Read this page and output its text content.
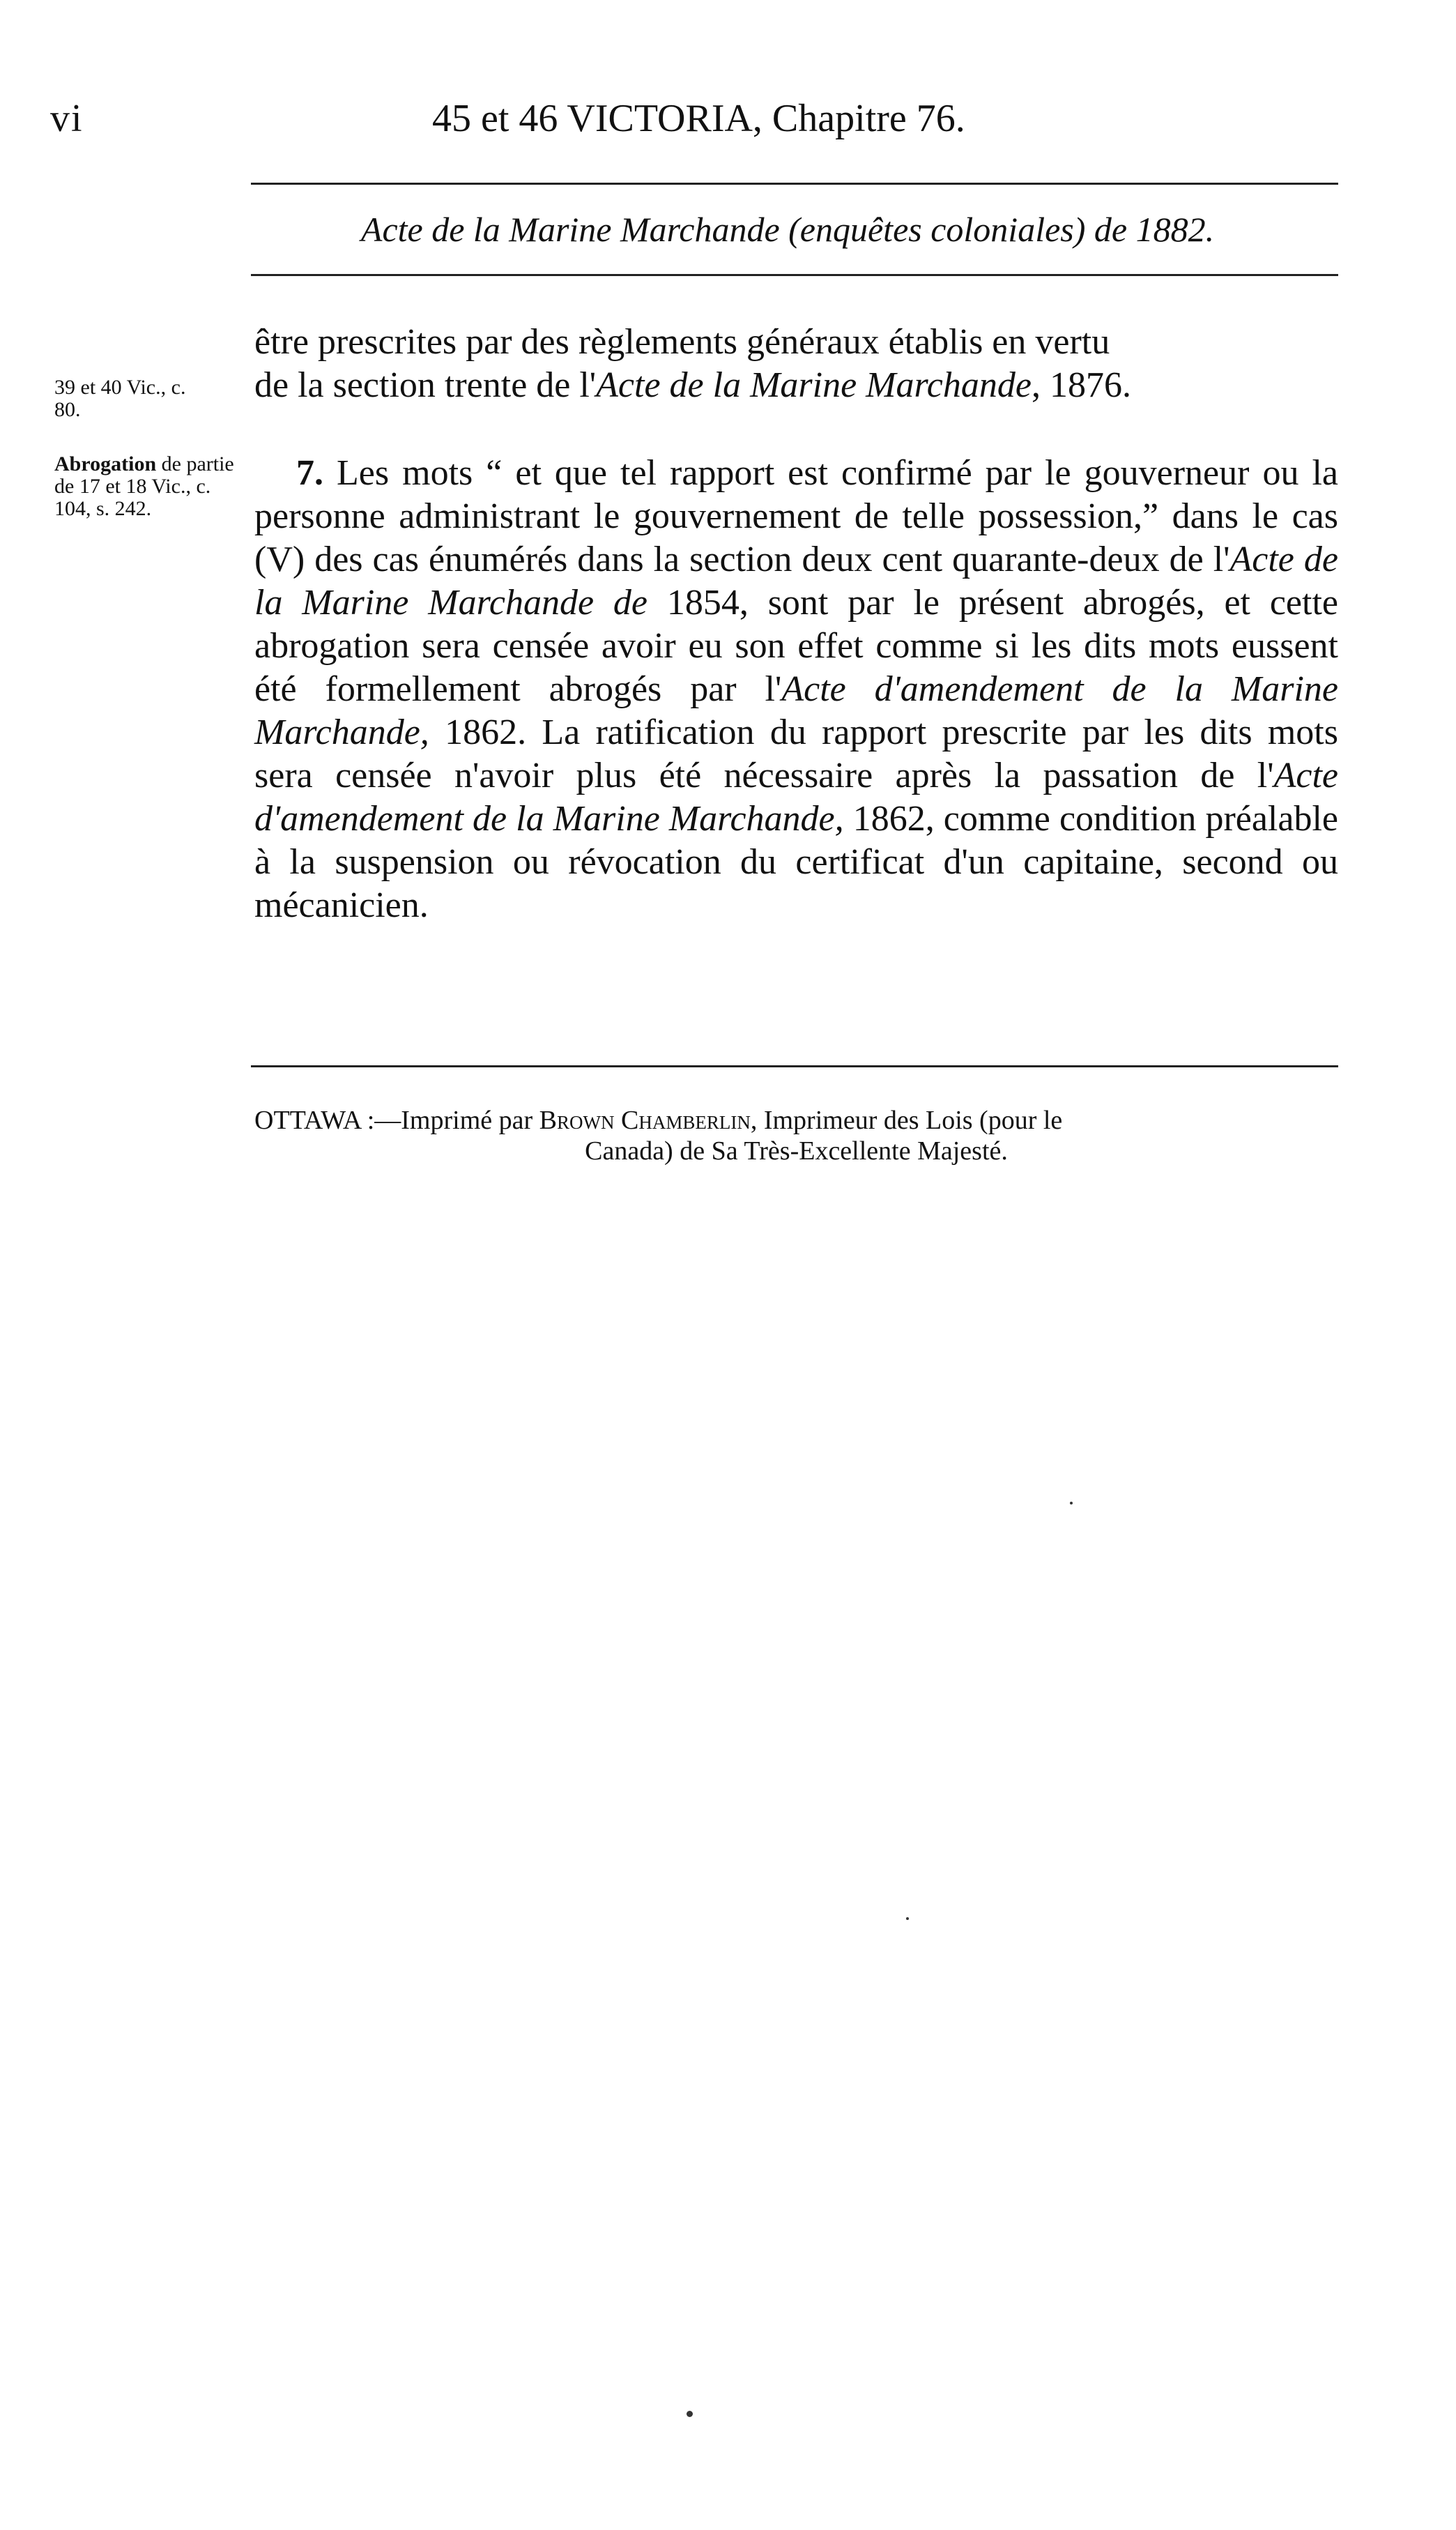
vi	45 et 46 VICTORIA, Chapitre 76.
Acte de la Marine Marchande (enquêtes coloniales) de 1882.

être prescrites par des règlements généraux établis en vertu
de la section trente de l'Acte de la Marine Marchande, 1876.

39 et 40 Vic., c. 80.
Abrogation de partie de 17 et 18 Vic., c. 104, s. 242.

7. Les mots “ et que tel rapport est confirmé par le gouverneur ou la personne administrant le gouvernement de telle possession,” dans le cas (V) des cas énumérés dans la section deux cent quarante-deux de l'Acte de la Marine Marchande de 1854, sont par le présent abrogés, et cette abrogation sera censée avoir eu son effet comme si les dits mots eussent été formellement abrogés par l'Acte d'amendement de la Marine Marchande, 1862. La ratification du rapport prescrite par les dits mots sera censée n'avoir plus été nécessaire après la passation de l'Acte d'amendement de la Marine Marchande, 1862, comme condition préalable à la suspension ou révocation du certificat d'un capitaine, second ou mécanicien.

OTTAWA :—Imprimé par Brown Chamberlin, Imprimeur des Lois (pour le
Canada) de Sa Très-Excellente Majesté.
